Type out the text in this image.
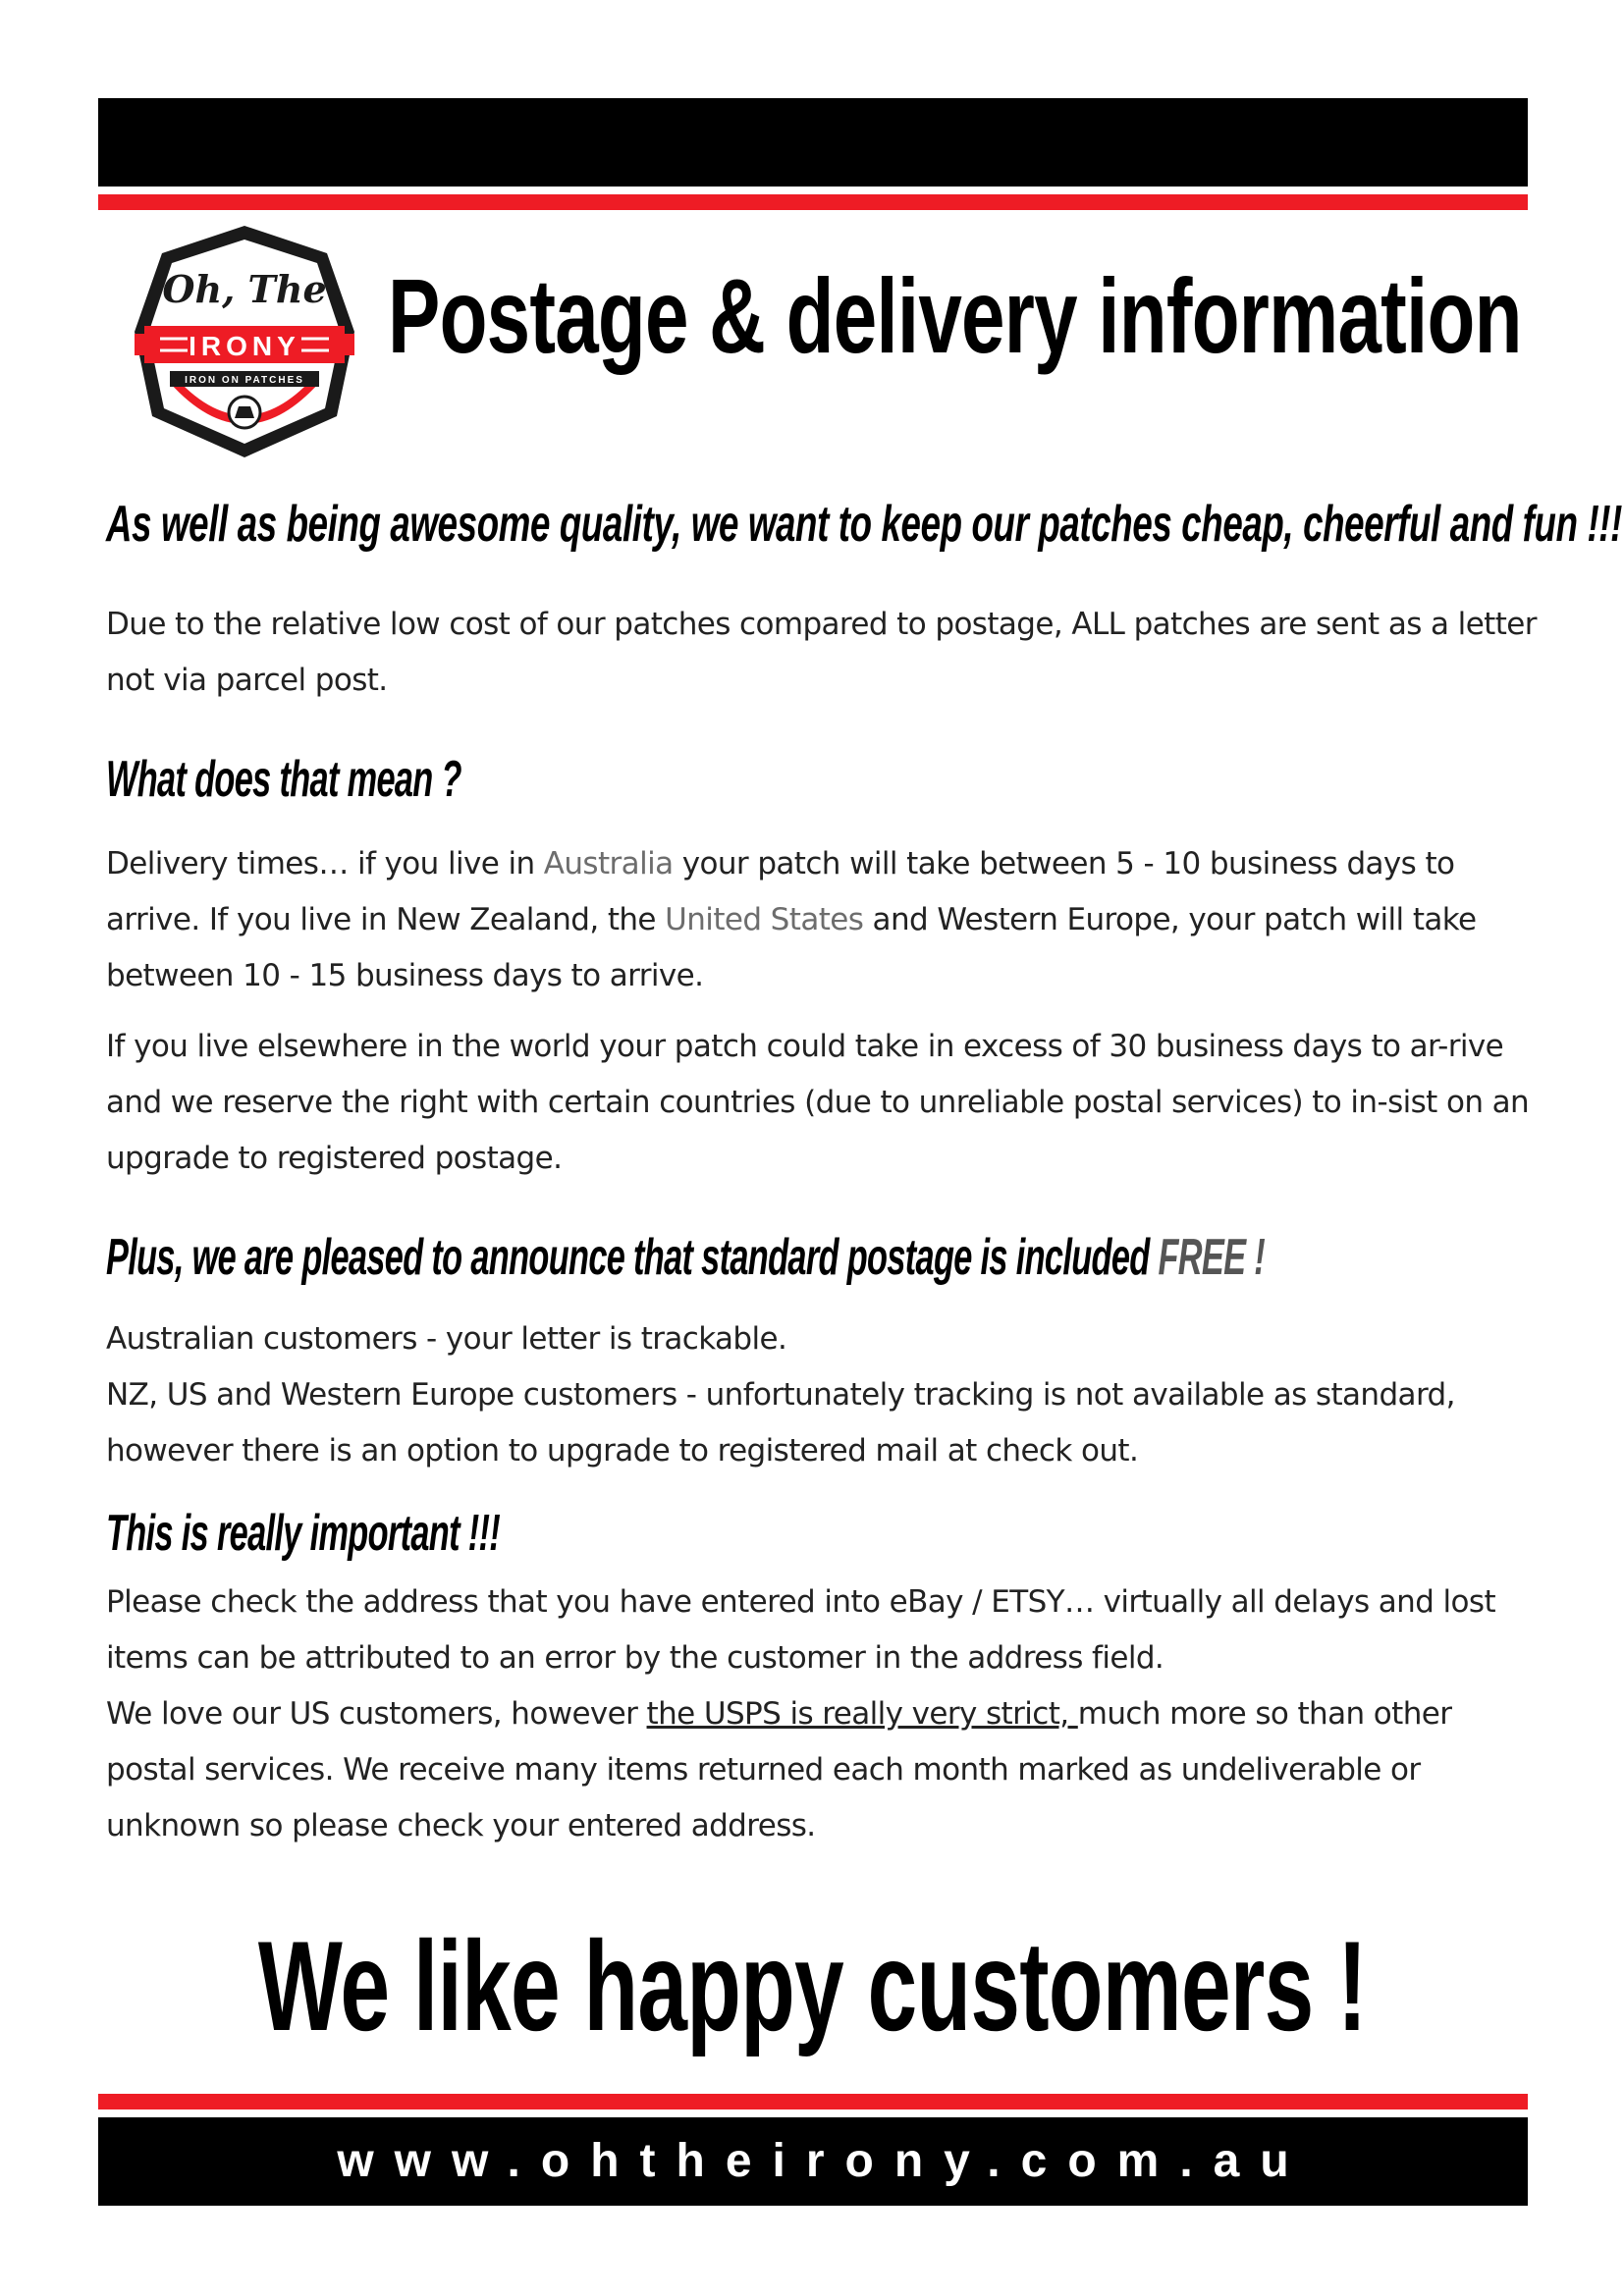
Oh, The
IRONY
IRON ON PATCHES
Postage & delivery information
As well as being awesome quality, we want to keep our patches cheap, cheerful and fun !!!

Due to the relative low cost of our patches compared to postage, ALL patches are sent as a letter not via parcel post.

What does that mean ?

Delivery times… if you live in Australia your patch will take between 5 - 10 business days to arrive. If you live in New Zealand, the United States and Western Europe, your patch will take between 10 - 15 business days to arrive.

If you live elsewhere in the world your patch could take in excess of 30 business days to ar-rive and we reserve the right with certain countries (due to unreliable postal services) to in-sist on an upgrade to registered postage.

Plus, we are pleased to announce that standard postage is included FREE !

Australian customers - your letter is trackable.
NZ, US and Western Europe customers - unfortunately tracking is not available as standard, however there is an option to upgrade to registered mail at check out.

This is really important !!!

Please check the address that you have entered into eBay / ETSY… virtually all delays and lost items can be attributed to an error by the customer in the address field.
We love our US customers, however the USPS is really very strict, much more so than other postal services. We receive many items returned each month marked as undeliverable or unknown so please check your entered address.

We like happy customers !

www.ohtheirony.com.au
